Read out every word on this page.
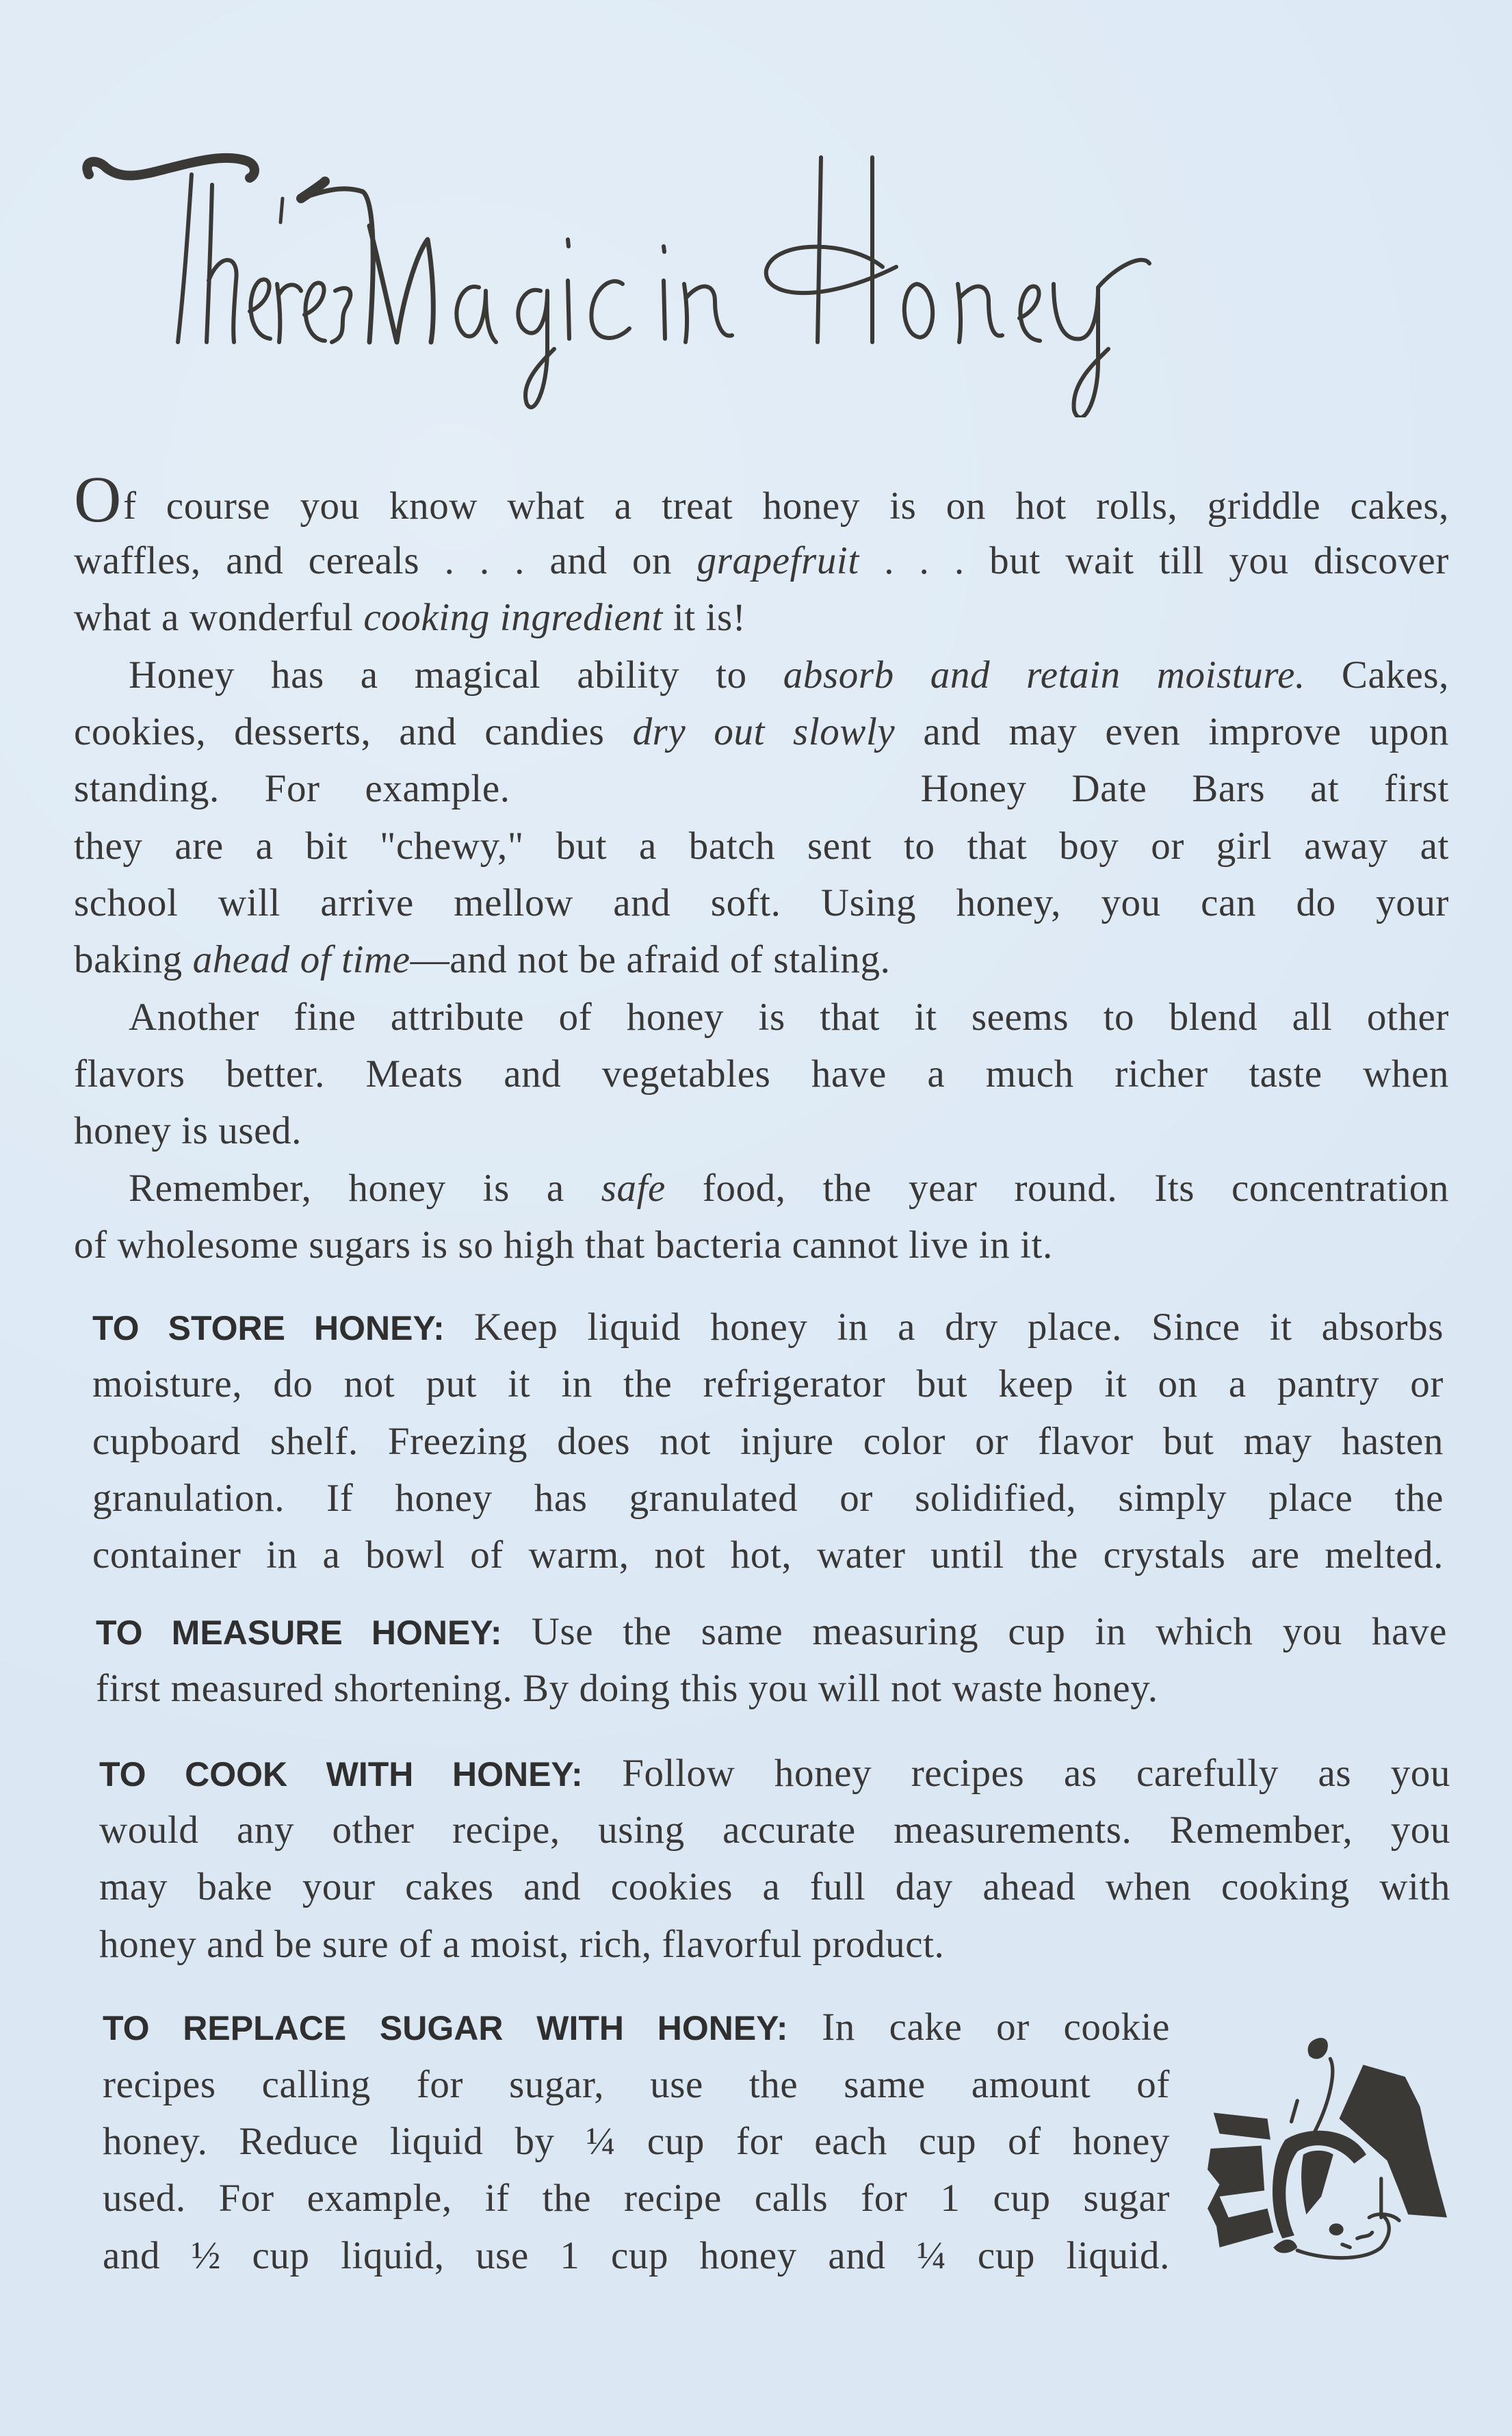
Of course you know what a treat honey is on hot rolls, griddle cakes,
waffles, and cereals . . . and on grapefruit . . . but wait till you discover
what a wonderful cooking ingredient it is!
Honey has a magical ability to absorb and retain moisture. Cakes,
cookies, desserts, and candies dry out slowly and may even improve upon
standing. For example.	Honey Date Bars at first
they are a bit "chewy," but a batch sent to that boy or girl away at
school will arrive mellow and soft. Using honey, you can do your
baking ahead of time—and not be afraid of staling.
Another fine attribute of honey is that it seems to blend all other
flavors better. Meats and vegetables have a much richer taste when
honey is used.
Remember, honey is a safe food, the year round. Its concentration
of wholesome sugars is so high that bacteria cannot live in it.
TO STORE HONEY: Keep liquid honey in a dry place. Since it absorbs
moisture, do not put it in the refrigerator but keep it on a pantry or
cupboard shelf. Freezing does not injure color or flavor but may hasten
granulation. If honey has granulated or solidified, simply place the
container in a bowl of warm, not hot, water until the crystals are melted.
TO MEASURE HONEY: Use the same measuring cup in which you have
first measured shortening. By doing this you will not waste honey.
TO COOK WITH HONEY: Follow honey recipes as carefully as you
would any other recipe, using accurate measurements. Remember, you
may bake your cakes and cookies a full day ahead when cooking with
honey and be sure of a moist, rich, flavorful product.
TO REPLACE SUGAR WITH HONEY: In cake or cookie
recipes calling for sugar, use the same amount of
honey. Reduce liquid by ¼ cup for each cup of honey
used. For example, if the recipe calls for 1 cup sugar
and ½ cup liquid, use 1 cup honey and ¼ cup liquid.
